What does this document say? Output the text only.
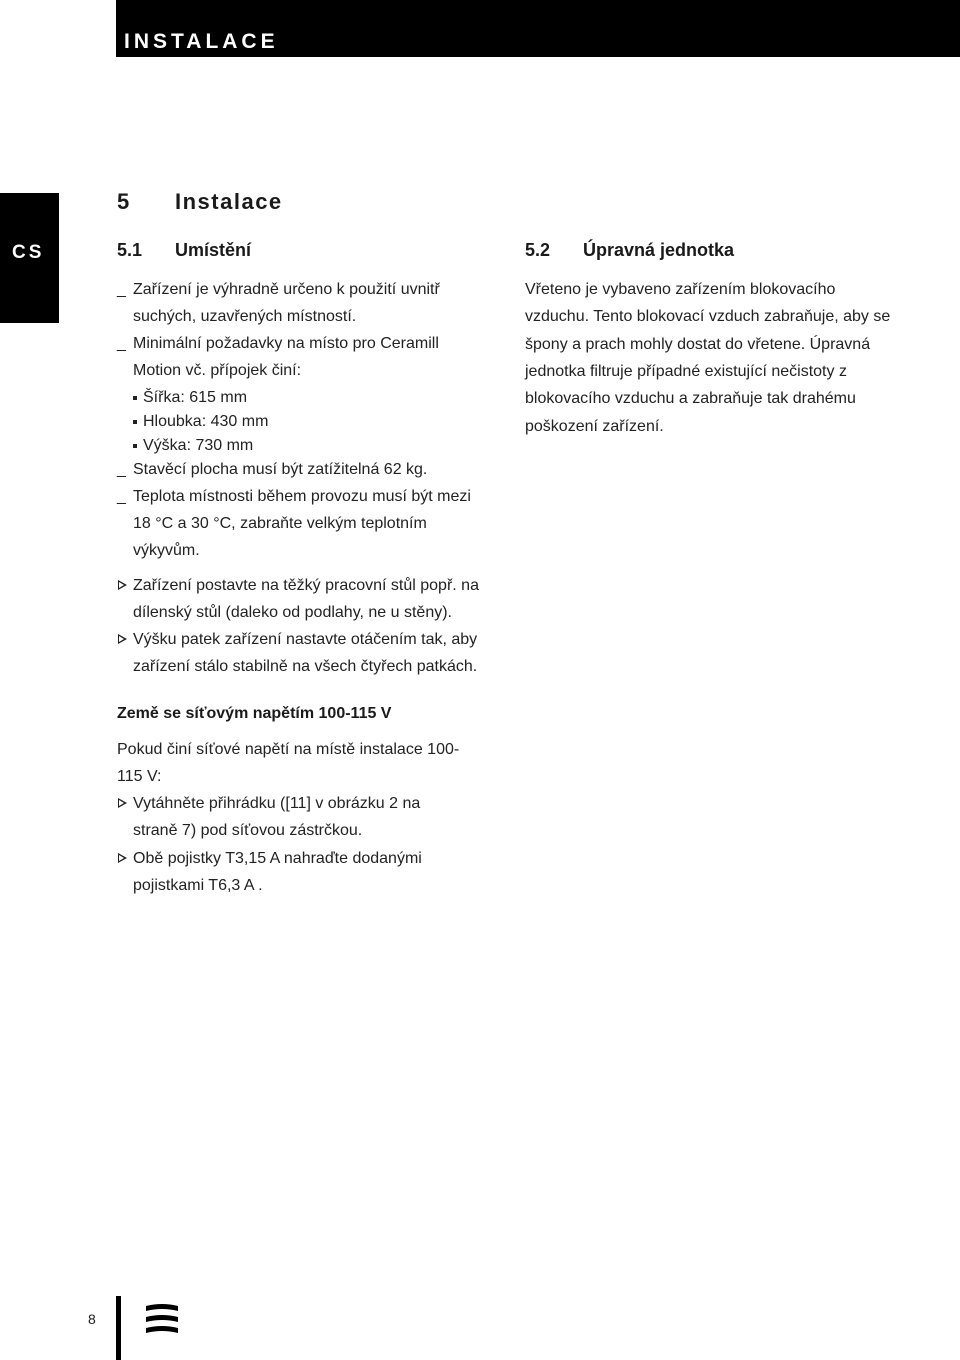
INSTALACE
CS
5 Instalace
5.1 Umístění
_ Zařízení je výhradně určeno k použití uvnitř
suchých, uzavřených místností.
_ Minimální požadavky na místo pro Ceramill
Motion vč. přípojek činí:
Šířka: 615 mm
Hloubka: 430 mm
Výška: 730 mm
_ Stavěcí plocha musí být zatížitelná 62 kg.
_ Teplota místnosti během provozu musí být mezi
18 °C a 30 °C, zabraňte velkým teplotním
výkyvům.
Zařízení postavte na těžký pracovní stůl popř. na
dílenský stůl (daleko od podlahy, ne u stěny).
Výšku patek zařízení nastavte otáčením tak, aby
zařízení stálo stabilně na všech čtyřech patkách.
Země se síťovým napětím 100-115 V
Pokud činí síťové napětí na místě instalace 100-
115 V:
Vytáhněte přihrádku ([11] v obrázku 2 na
straně 7) pod síťovou zástrčkou.
Obě pojistky T3,15 A nahraďte dodanými
pojistkami T6,3 A .
5.2 Úpravná jednotka
Vřeteno je vybaveno zařízením blokovacího
vzduchu. Tento blokovací vzduch zabraňuje, aby se
špony a prach mohly dostat do vřetene. Úpravná
jednotka filtruje případné existující nečistoty z
blokovacího vzduchu a zabraňuje tak drahému
poškození zařízení.
8
